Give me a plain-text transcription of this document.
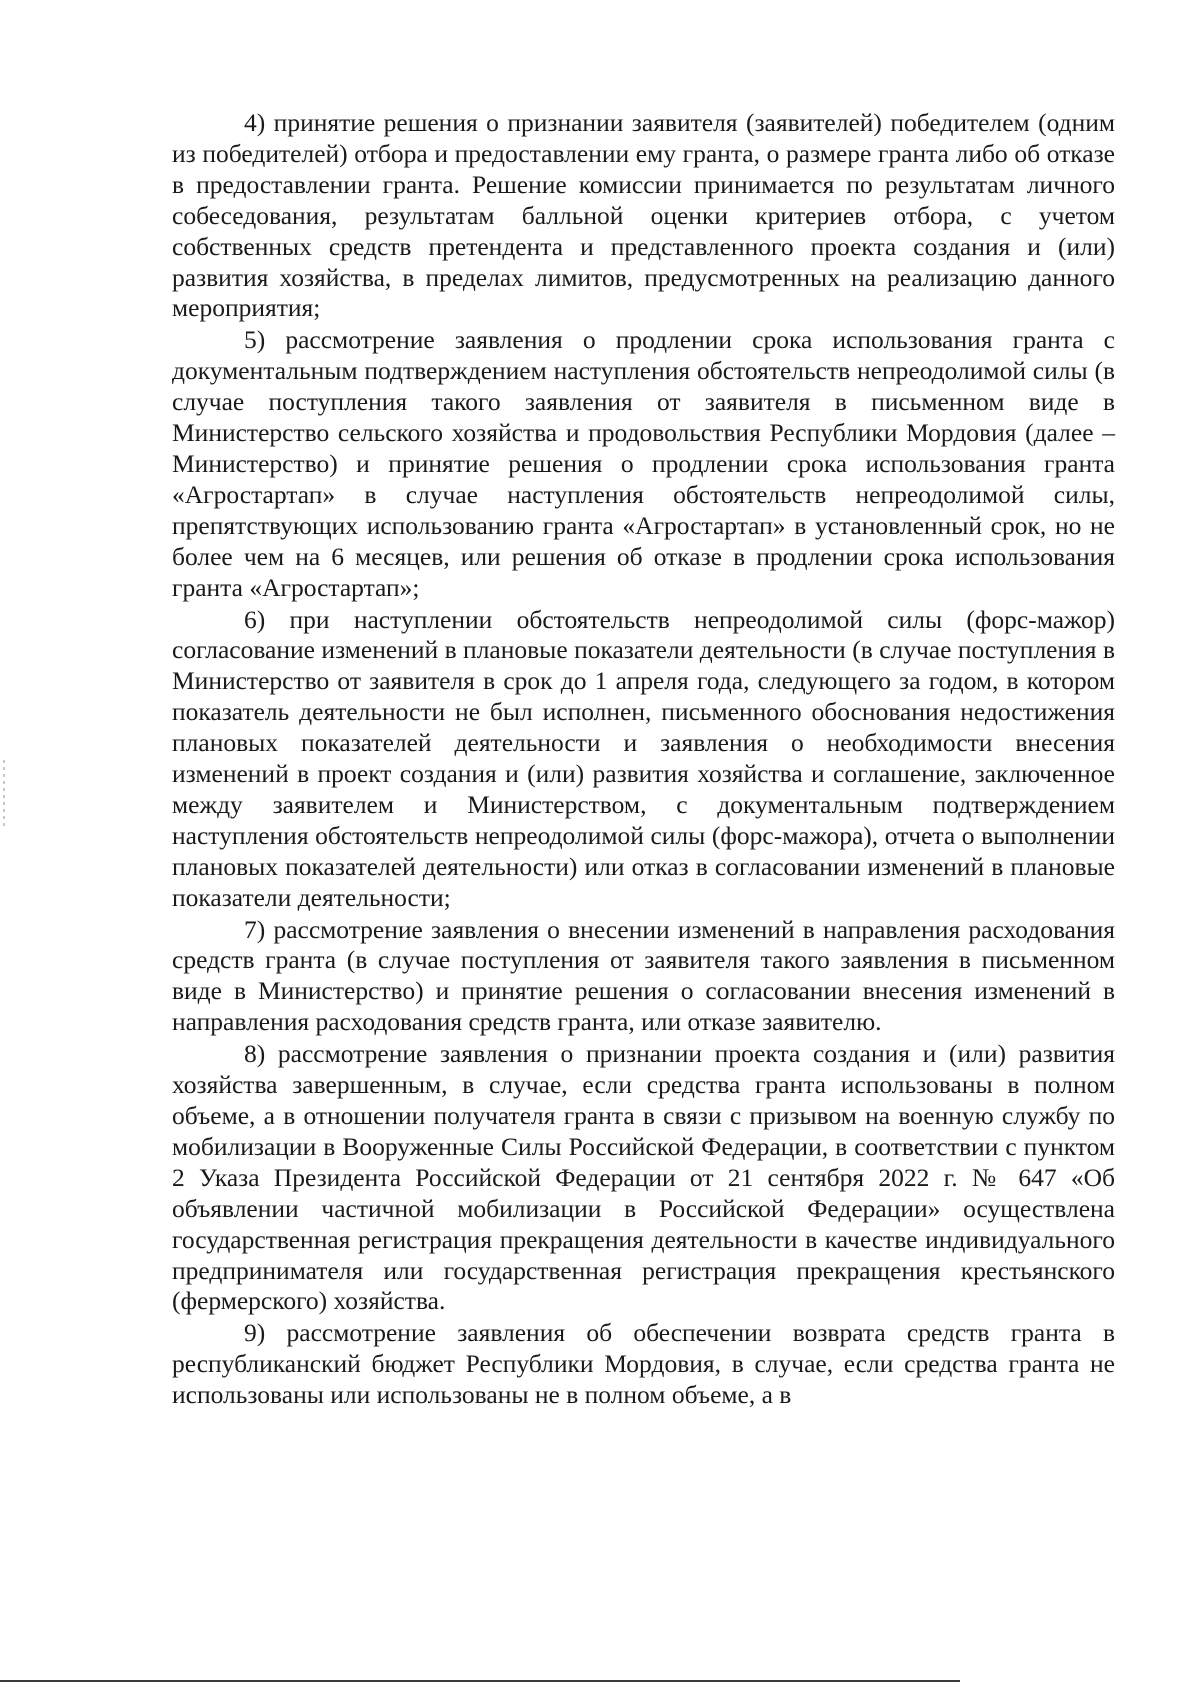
4) принятие решения о признании заявителя (заявителей) победителем (одним из победителей) отбора и предоставлении ему гранта, о размере гранта либо об отказе в предоставлении гранта. Решение комиссии принимается по результатам личного собеседования, результатам балльной оценки критериев отбора, с учетом собственных средств претендента и представленного проекта создания и (или) развития хозяйства, в пределах лимитов, предусмотренных на реализацию данного мероприятия;

5) рассмотрение заявления о продлении срока использования гранта с документальным подтверждением наступления обстоятельств непреодолимой силы (в случае поступления такого заявления от заявителя в письменном виде в Министерство сельского хозяйства и продовольствия Республики Мордовия (далее – Министерство) и принятие решения о продлении срока использования гранта «Агростартап» в случае наступления обстоятельств непреодолимой силы, препятствующих использованию гранта «Агростартап» в установленный срок, но не более чем на 6 месяцев, или решения об отказе в продлении срока использования гранта «Агростартап»;

6) при наступлении обстоятельств непреодолимой силы (форс-мажор) согласование изменений в плановые показатели деятельности (в случае поступления в Министерство от заявителя в срок до 1 апреля года, следующего за годом, в котором показатель деятельности не был исполнен, письменного обоснования недостижения плановых показателей деятельности и заявления о необходимости внесения изменений в проект создания и (или) развития хозяйства и соглашение, заключенное между заявителем и Министерством, с документальным подтверждением наступления обстоятельств непреодолимой силы (форс-мажора), отчета о выполнении плановых показателей деятельности) или отказ в согласовании изменений в плановые показатели деятельности;

7) рассмотрение заявления о внесении изменений в направления расходования средств гранта (в случае поступления от заявителя такого заявления в письменном виде в Министерство) и принятие решения о согласовании внесения изменений в направления расходования средств гранта, или отказе заявителю.

8) рассмотрение заявления о признании проекта создания и (или) развития хозяйства завершенным, в случае, если средства гранта использованы в полном объеме, а в отношении получателя гранта в связи с призывом на военную службу по мобилизации в Вооруженные Силы Российской Федерации, в соответствии с пунктом 2 Указа Президента Российской Федерации от 21 сентября 2022 г. № 647 «Об объявлении частичной мобилизации в Российской Федерации» осуществлена государственная регистрация прекращения деятельности в качестве индивидуального предпринимателя или государственная регистрация прекращения крестьянского (фермерского) хозяйства.

9) рассмотрение заявления об обеспечении возврата средств гранта в республиканский бюджет Республики Мордовия, в случае, если средства гранта не использованы или использованы не в полном объеме, а в
